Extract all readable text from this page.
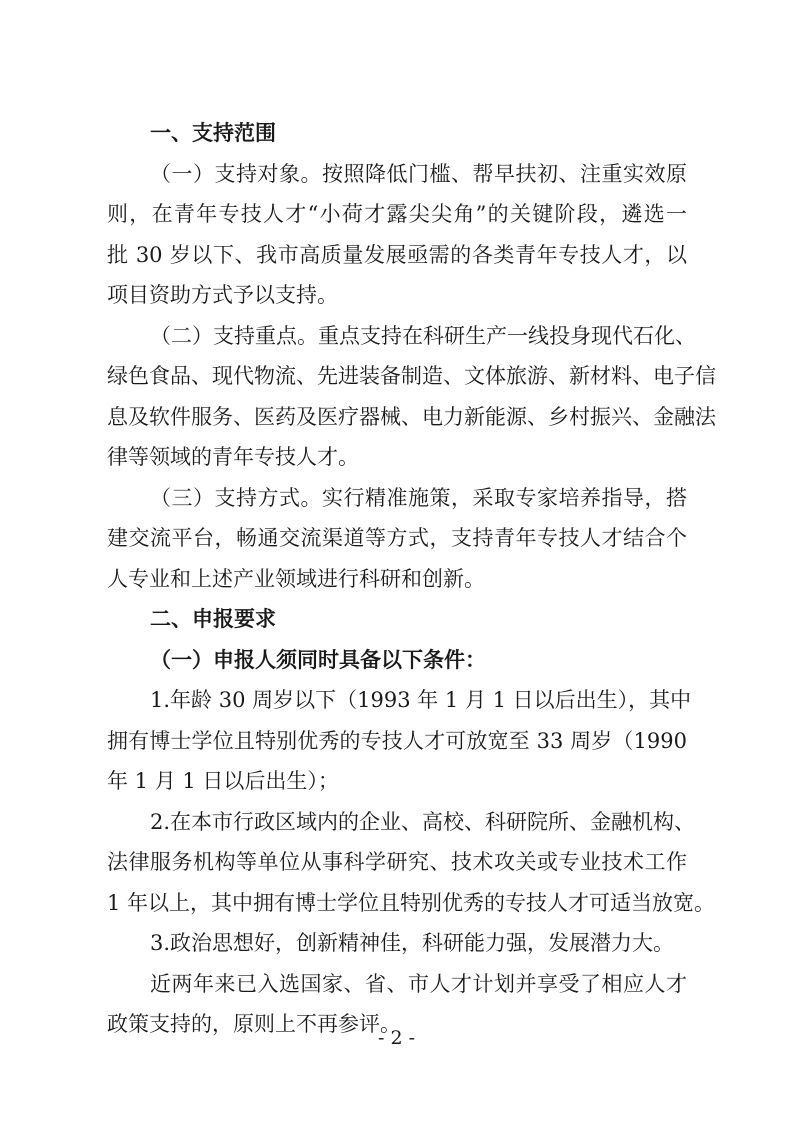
一、支持范围
（一）支持对象。按照降低门槛、帮早扶初、注重实效原
则，在青年专技人才“小荷才露尖尖角”的关键阶段，遴选一
批 30 岁以下、我市高质量发展亟需的各类青年专技人才，以
项目资助方式予以支持。
（二）支持重点。重点支持在科研生产一线投身现代石化、
绿色食品、现代物流、先进装备制造、文体旅游、新材料、电子信
息及软件服务、医药及医疗器械、电力新能源、乡村振兴、金融法
律等领域的青年专技人才。
（三）支持方式。实行精准施策，采取专家培养指导，搭
建交流平台，畅通交流渠道等方式，支持青年专技人才结合个
人专业和上述产业领域进行科研和创新。
二、申报要求
（一）申报人须同时具备以下条件：
1.年龄 30 周岁以下（1993 年 1 月 1 日以后出生），其中
拥有博士学位且特别优秀的专技人才可放宽至 33 周岁（1990
年 1 月 1 日以后出生）；
2.在本市行政区域内的企业、高校、科研院所、金融机构、
法律服务机构等单位从事科学研究、技术攻关或专业技术工作
1 年以上，其中拥有博士学位且特别优秀的专技人才可适当放宽。
3.政治思想好，创新精神佳，科研能力强，发展潜力大。
近两年来已入选国家、省、市人才计划并享受了相应人才
政策支持的，原则上不再参评。
- 2 -
